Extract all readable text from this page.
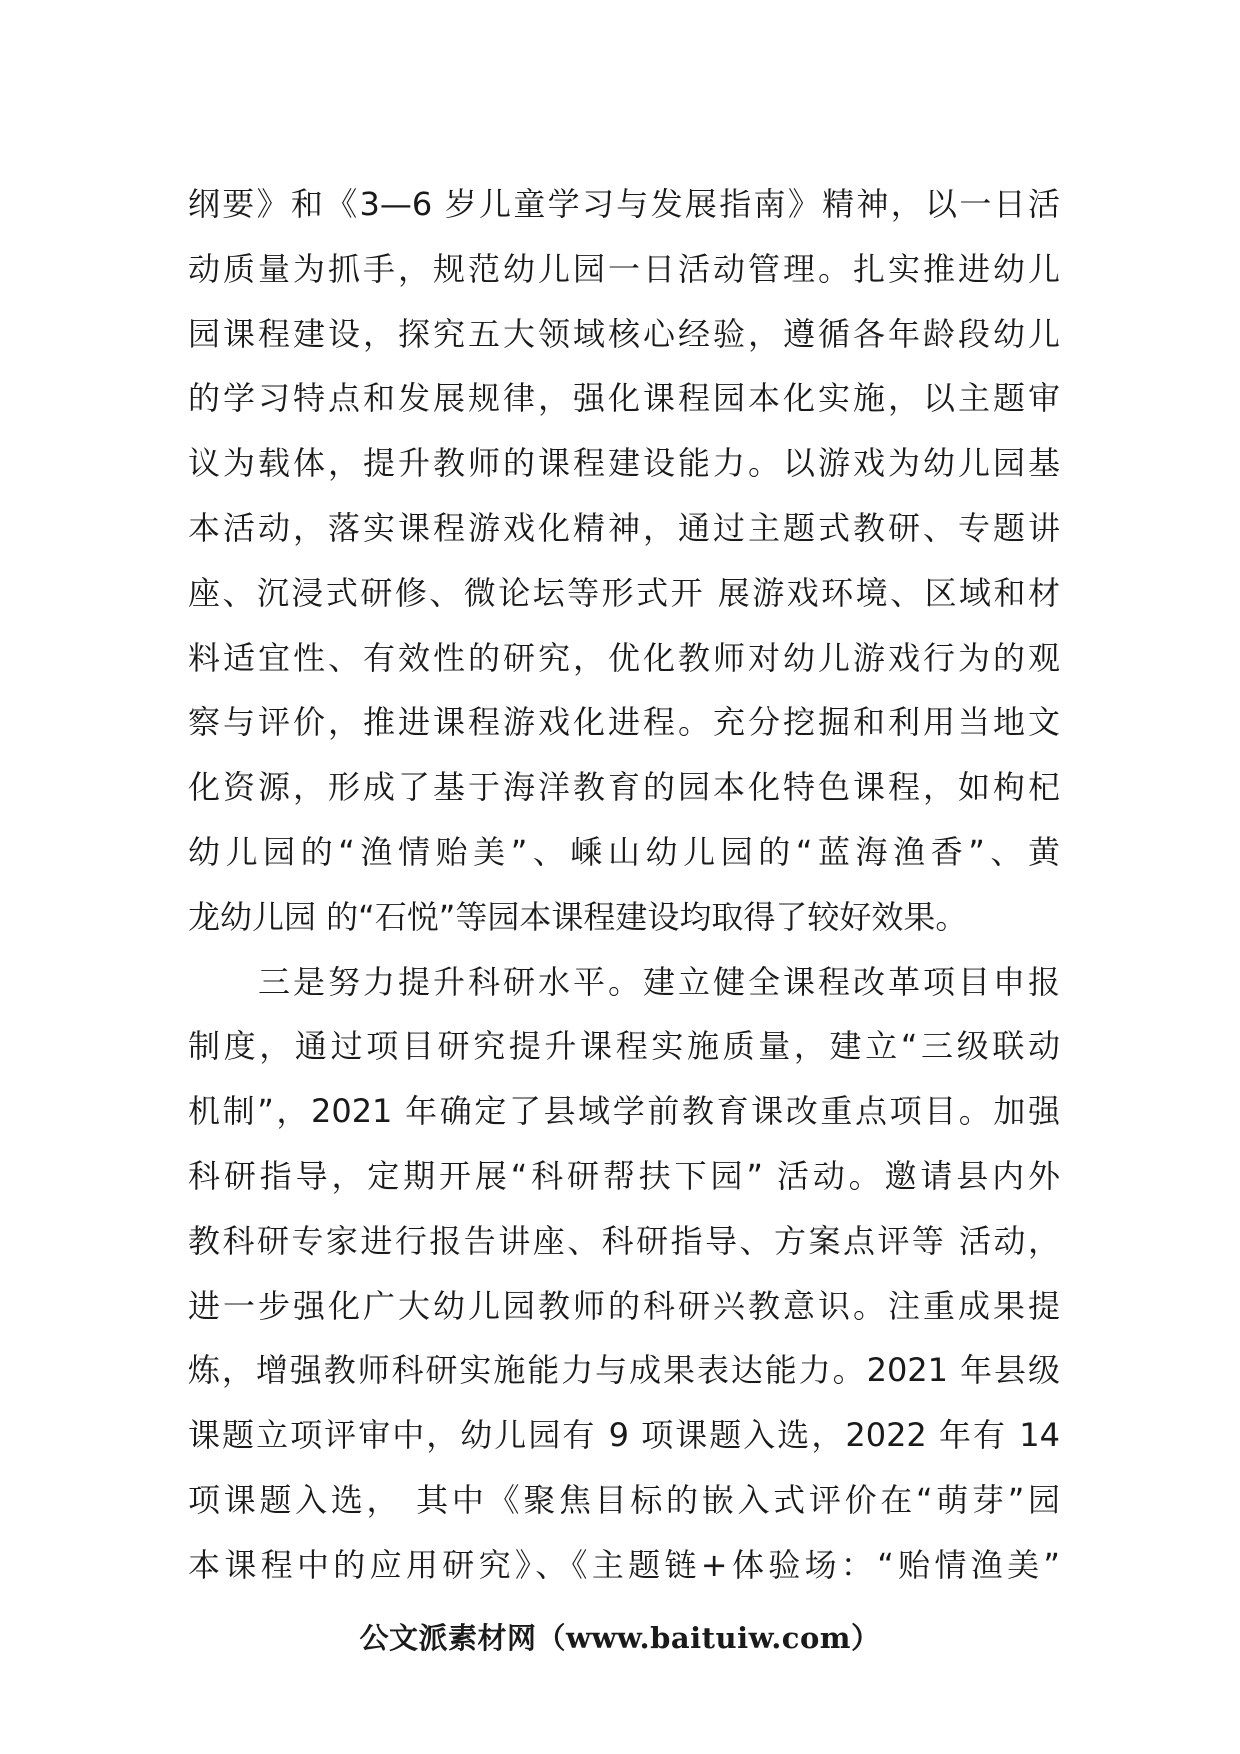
纲要》和《3—6 岁儿童学习与发展指南》精神，以一日活
动质量为抓手，规范幼儿园一日活动管理。扎实推进幼儿
园课程建设，探究五大领域核心经验，遵循各年龄段幼儿
的学习特点和发展规律，强化课程园本化实施，以主题审
议为载体，提升教师的课程建设能力。以游戏为幼儿园基
本活动，落实课程游戏化精神，通过主题式教研、专题讲
座、沉浸式研修、微论坛等形式开 展游戏环境、区域和材
料适宜性、有效性的研究，优化教师对幼儿游戏行为的观
察与评价，推进课程游戏化进程。充分挖掘和利用当地文
化资源，形成了基于海洋教育的园本化特色课程，如枸杞
幼儿园的“渔情贻美”、嵊山幼儿园的“蓝海渔香”、黄
龙幼儿园 的“石悦”等园本课程建设均取得了较好效果。
　　三是努力提升科研水平。建立健全课程改革项目申报
制度，通过项目研究提升课程实施质量，建立“三级联动
机制”，2021 年确定了县域学前教育课改重点项目。加强
科研指导，定期开展“科研帮扶下园” 活动。邀请县内外
教科研专家进行报告讲座、科研指导、方案点评等 活动，
进一步强化广大幼儿园教师的科研兴教意识。注重成果提
炼，增强教师科研实施能力与成果表达能力。2021 年县级
课题立项评审中，幼儿园有 9 项课题入选，2022 年有 14
项课题入选， 其中《聚焦目标的嵌入式评价在“萌芽”园
本课程中的应用研究》、《主题链+体验场：“贻情渔美”
公文派素材网（www.baituiw.com）
